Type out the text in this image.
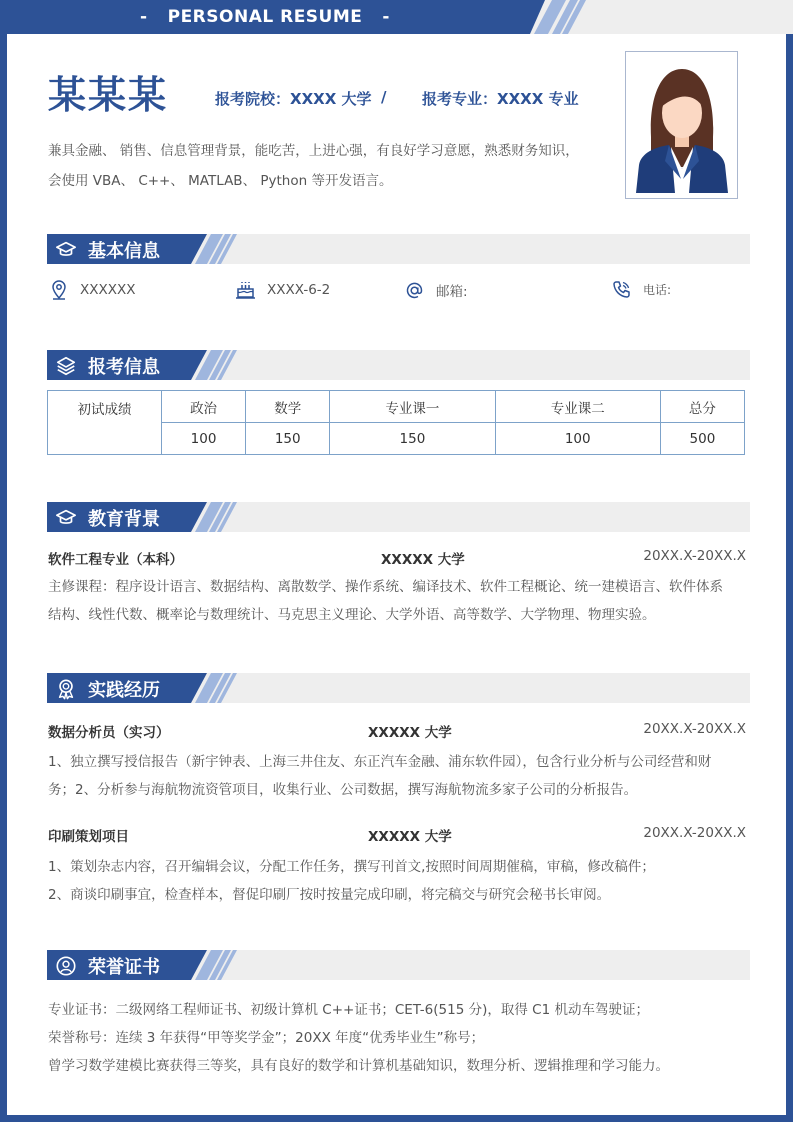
- PERSONAL RESUME -
某某某	报考院校：XXXX 大学 / 报考专业：XXXX 专业
兼具金融、 销售、信息管理背景，能吃苦，上进心强，有良好学习意愿，熟悉财务知识，
会使用 VBA、 C++、 MATLAB、 Python 等开发语言。
基本信息
XXXXXX	XXXX-6-2	邮箱:	电话:
报考信息
初试成绩	政治	数学	专业课一	专业课二	总分
	100	150	150	100	500
教育背景
软件工程专业（本科）	XXXXX 大学	20XX.X-20XX.X
主修课程：程序设计语言、数据结构、离散数学、操作系统、编译技术、软件工程概论、统一建模语言、软件体系
结构、线性代数、概率论与数理统计、马克思主义理论、大学外语、高等数学、大学物理、物理实验。
实践经历
数据分析员（实习）	XXXXX 大学	20XX.X-20XX.X
1、独立撰写授信报告（新宇钟表、上海三井住友、东正汽车金融、浦东软件园），包含行业分析与公司经营和财
务；2、分析参与海航物流资管项目，收集行业、公司数据，撰写海航物流多家子公司的分析报告。
印刷策划项目	XXXXX 大学	20XX.X-20XX.X
1、策划杂志内容，召开编辑会议，分配工作任务，撰写刊首文,按照时间周期催稿，审稿，修改稿件；
2、商谈印刷事宜，检查样本，督促印刷厂按时按量完成印刷，将完稿交与研究会秘书长审阅。
荣誉证书
专业证书：二级网络工程师证书、初级计算机 C++证书；CET-6(515 分)，取得 C1 机动车驾驶证；
荣誉称号：连续 3 年获得“甲等奖学金”；20XX 年度“优秀毕业生”称号；
曾学习数学建模比赛获得三等奖，具有良好的数学和计算机基础知识，数理分析、逻辑推理和学习能力。
